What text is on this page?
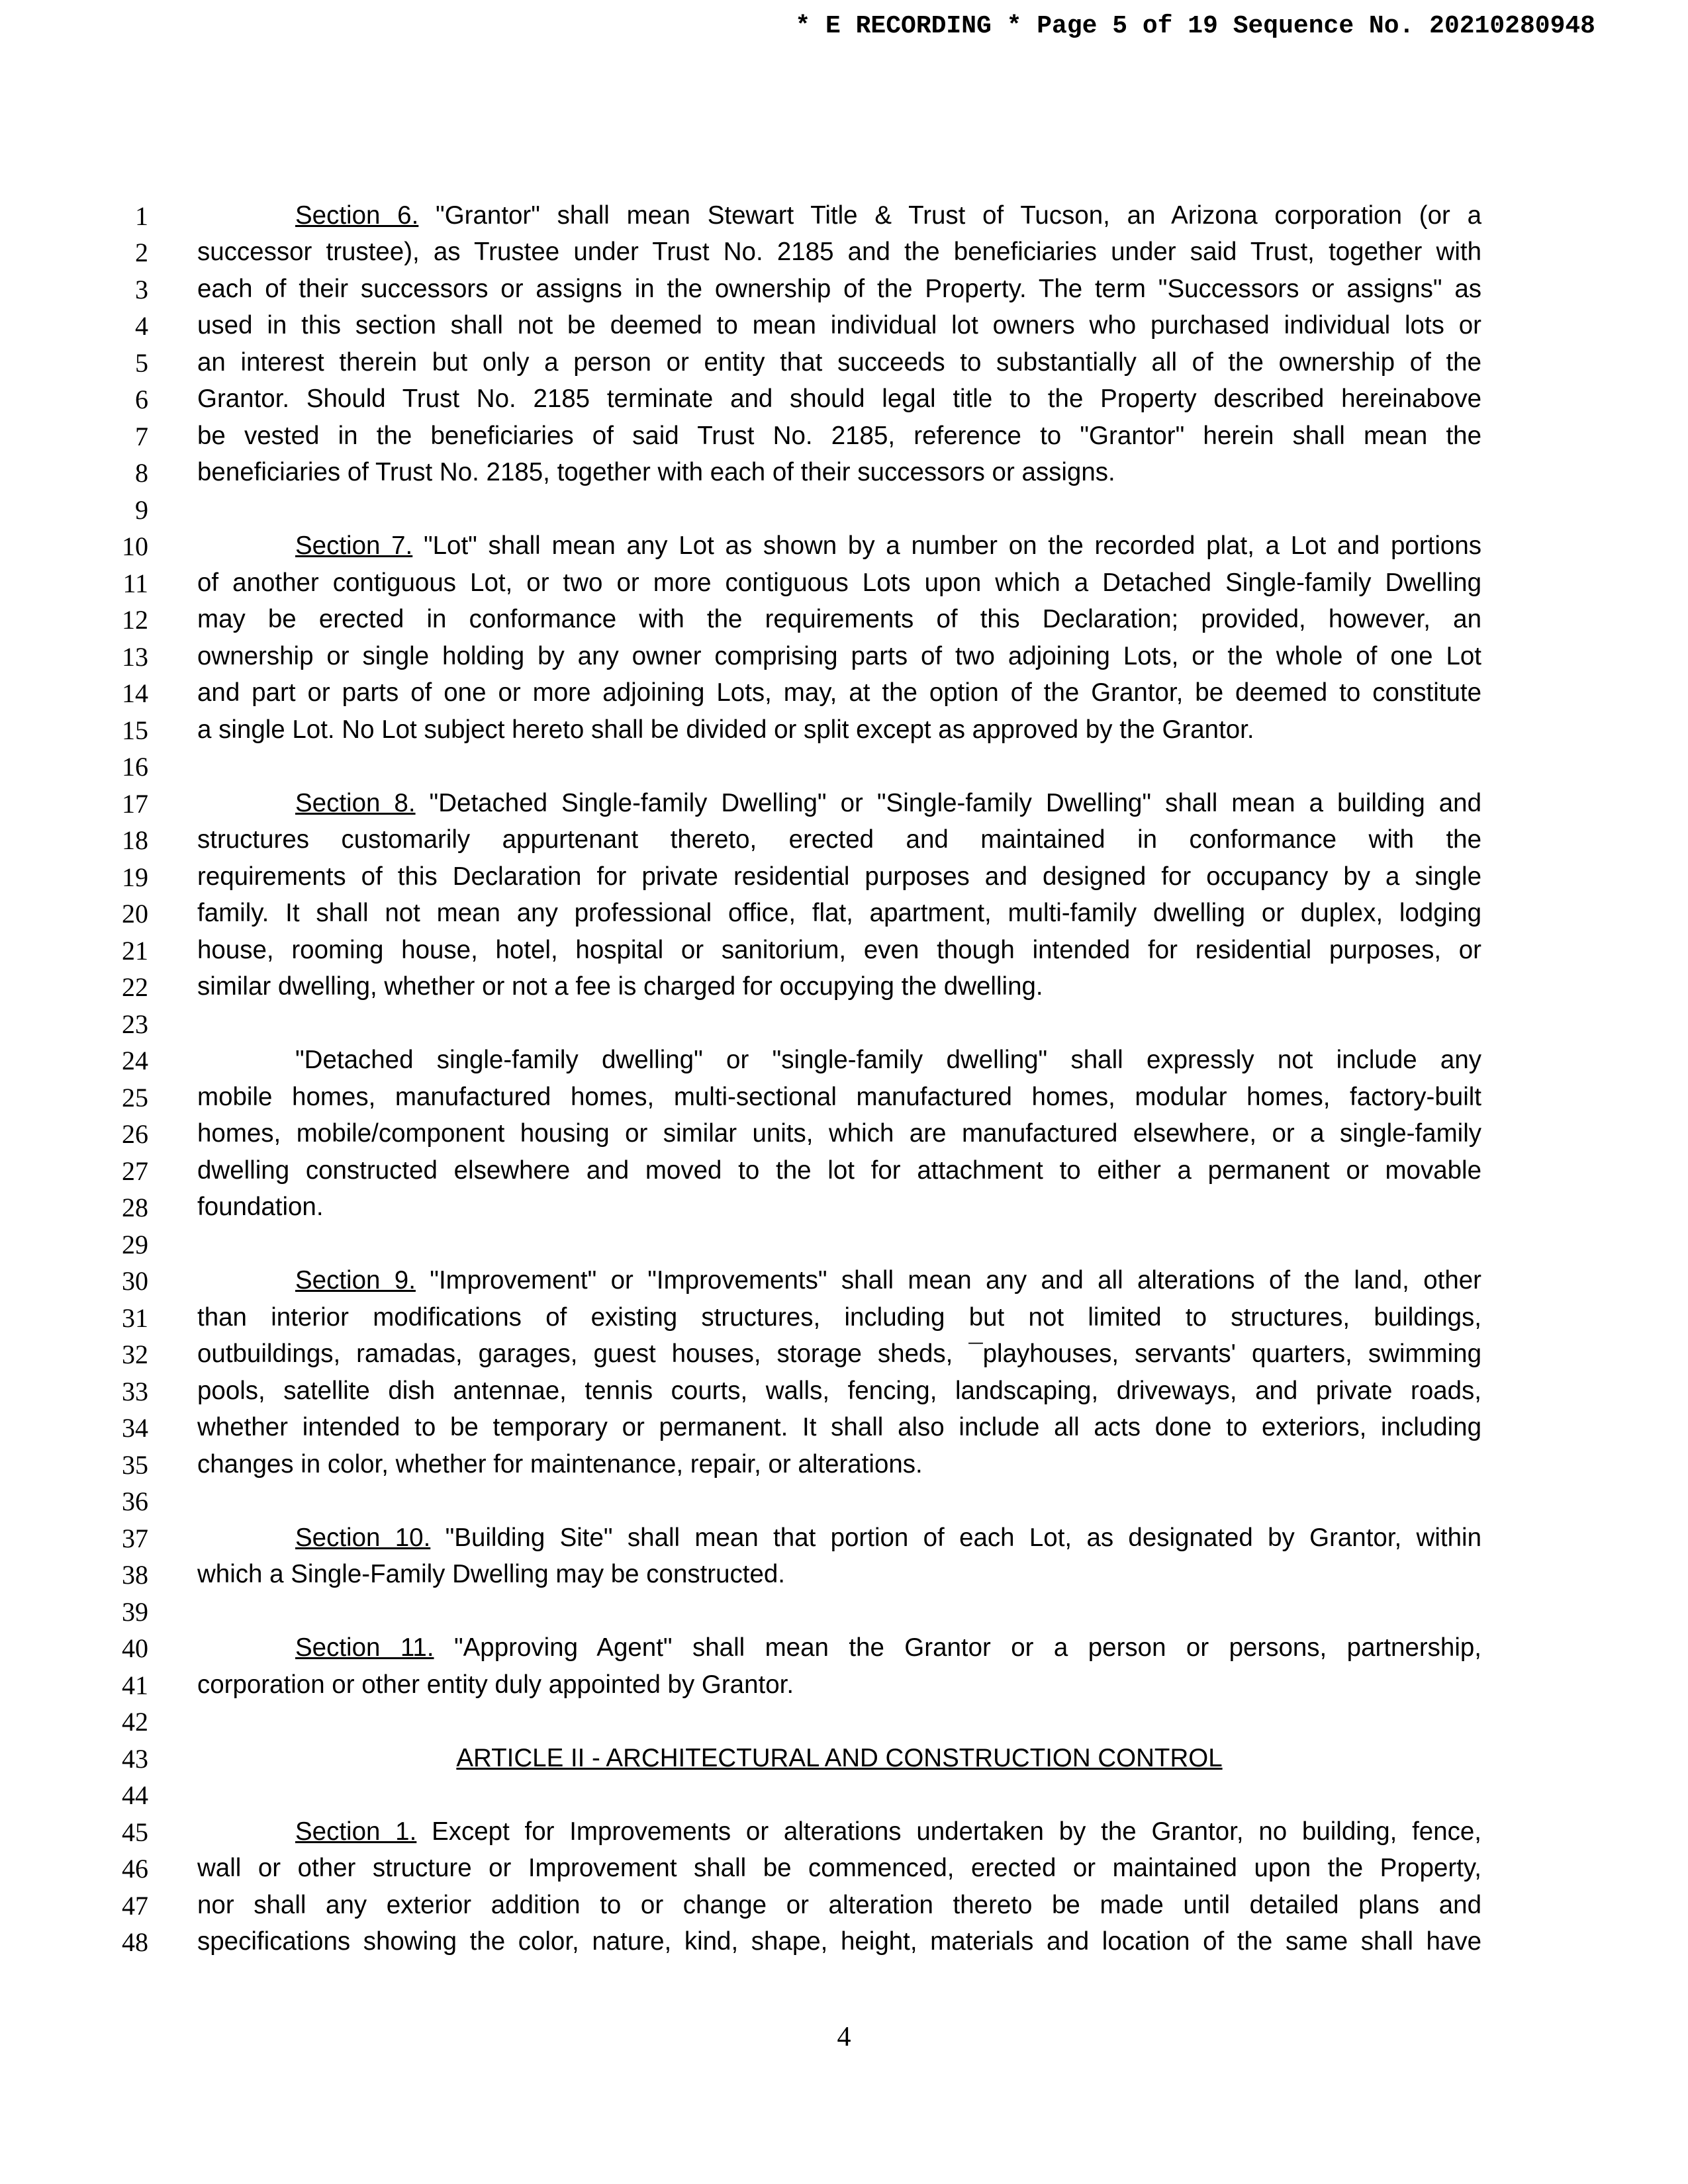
* E RECORDING * Page 5 of 19 Sequence No. 20210280948
1
2
3
4
5
6
7
8
9
10
11
12
13
14
15
16
17
18
19
20
21
22
23
24
25
26
27
28
29
30
31
32
33
34
35
36
37
38
39
40
41
42
43
44
45
46
47
48
Section 6. "Grantor" shall mean Stewart Title & Trust of Tucson, an Arizona corporation (or a
successor trustee), as Trustee under Trust No. 2185 and the beneficiaries under said Trust, together with
each of their successors or assigns in the ownership of the Property. The term "Successors or assigns" as
used in this section shall not be deemed to mean individual lot owners who purchased individual lots or
an interest therein but only a person or entity that succeeds to substantially all of the ownership of the
Grantor. Should Trust No. 2185 terminate and should legal title to the Property described hereinabove
be vested in the beneficiaries of said Trust No. 2185, reference to "Grantor" herein shall mean the
beneficiaries of Trust No. 2185, together with each of their successors or assigns.
Section 7. "Lot" shall mean any Lot as shown by a number on the recorded plat, a Lot and portions
of another contiguous Lot, or two or more contiguous Lots upon which a Detached Single-family Dwelling
may be erected in conformance with the requirements of this Declaration; provided, however, an
ownership or single holding by any owner comprising parts of two adjoining Lots, or the whole of one Lot
and part or parts of one or more adjoining Lots, may, at the option of the Grantor, be deemed to constitute
a single Lot. No Lot subject hereto shall be divided or split except as approved by the Grantor.
Section 8. "Detached Single-family Dwelling" or "Single-family Dwelling" shall mean a building and
structures customarily appurtenant thereto, erected and maintained in conformance with the
requirements of this Declaration for private residential purposes and designed for occupancy by a single
family. It shall not mean any professional office, flat, apartment, multi-family dwelling or duplex, lodging
house, rooming house, hotel, hospital or sanitorium, even though intended for residential purposes, or
similar dwelling, whether or not a fee is charged for occupying the dwelling.
"Detached single-family dwelling" or "single-family dwelling" shall expressly not include any
mobile homes, manufactured homes, multi-sectional manufactured homes, modular homes, factory-built
homes, mobile/component housing or similar units, which are manufactured elsewhere, or a single-family
dwelling constructed elsewhere and moved to the lot for attachment to either a permanent or movable
foundation.
Section 9. "Improvement" or "Improvements" shall mean any and all alterations of the land, other
than interior modifications of existing structures, including but not limited to structures, buildings,
outbuildings, ramadas, garages, guest houses, storage sheds, ¯playhouses, servants' quarters, swimming
pools, satellite dish antennae, tennis courts, walls, fencing, landscaping, driveways, and private roads,
whether intended to be temporary or permanent. It shall also include all acts done to exteriors, including
changes in color, whether for maintenance, repair, or alterations.
Section 10. "Building Site" shall mean that portion of each Lot, as designated by Grantor, within
which a Single-Family Dwelling may be constructed.
Section 11. "Approving Agent" shall mean the Grantor or a person or persons, partnership,
corporation or other entity duly appointed by Grantor.
ARTICLE II - ARCHITECTURAL AND CONSTRUCTION CONTROL
Section 1. Except for Improvements or alterations undertaken by the Grantor, no building, fence,
wall or other structure or Improvement shall be commenced, erected or maintained upon the Property,
nor shall any exterior addition to or change or alteration thereto be made until detailed plans and
specifications showing the color, nature, kind, shape, height, materials and location of the same shall have
4
